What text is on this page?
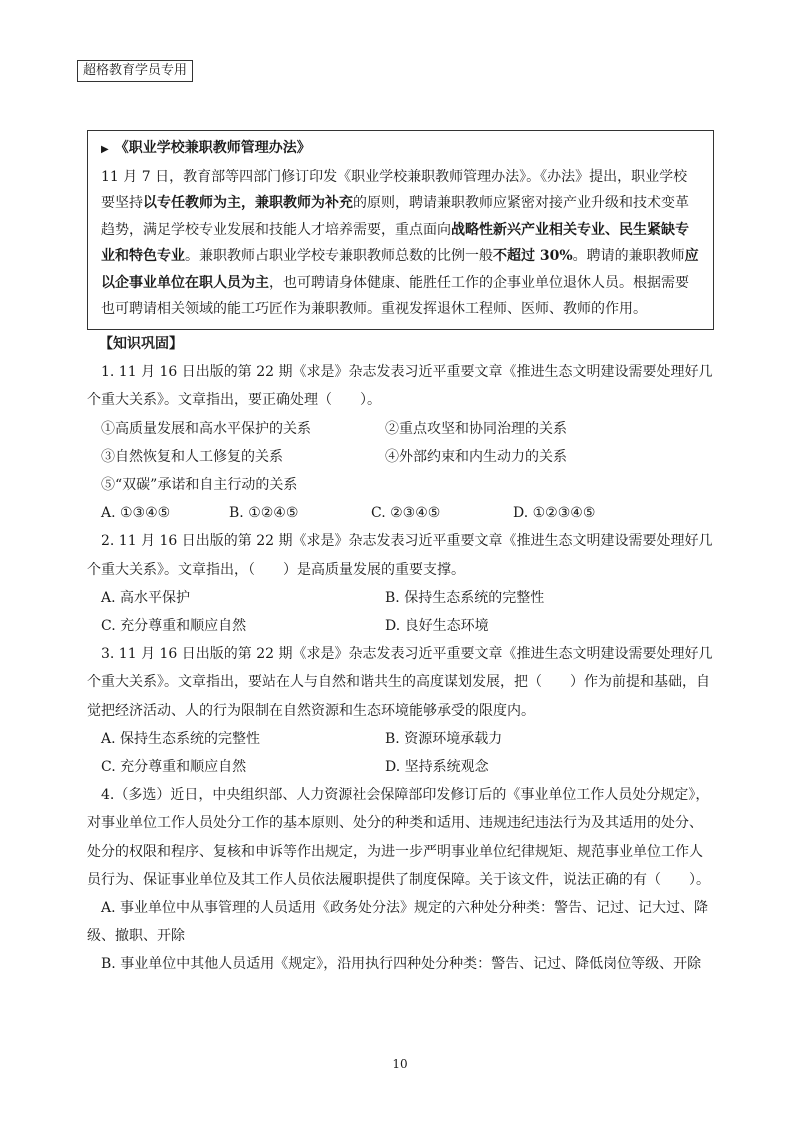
超格教育学员专用

▶ 《职业学校兼职教师管理办法》

11 月 7 日，教育部等四部门修订印发《职业学校兼职教师管理办法》。《办法》提出，职业学校要坚持以专任教师为主，兼职教师为补充的原则，聘请兼职教师应紧密对接产业升级和技术变革趋势，满足学校专业发展和技能人才培养需要，重点面向战略性新兴产业相关专业、民生紧缺专业和特色专业。兼职教师占职业学校专兼职教师总数的比例一般不超过 30%。聘请的兼职教师应以企事业单位在职人员为主，也可聘请身体健康、能胜任工作的企事业单位退休人员。根据需要也可聘请相关领域的能工巧匠作为兼职教师。重视发挥退休工程师、医师、教师的作用。

【知识巩固】

1. 11 月 16 日出版的第 22 期《求是》杂志发表习近平重要文章《推进生态文明建设需要处理好几个重大关系》。文章指出，要正确处理（　　）。

①高质量发展和高水平保护的关系	②重点攻坚和协同治理的关系
③自然恢复和人工修复的关系	④外部约束和内生动力的关系

⑤“双碳”承诺和自主行动的关系

A. ①③④⑤	B. ①②④⑤	C. ②③④⑤	D. ①②③④⑤

2. 11 月 16 日出版的第 22 期《求是》杂志发表习近平重要文章《推进生态文明建设需要处理好几个重大关系》。文章指出，（　　）是高质量发展的重要支撑。

A. 高水平保护	B. 保持生态系统的完整性
C. 充分尊重和顺应自然	D. 良好生态环境

3. 11 月 16 日出版的第 22 期《求是》杂志发表习近平重要文章《推进生态文明建设需要处理好几个重大关系》。文章指出，要站在人与自然和谐共生的高度谋划发展，把（　　）作为前提和基础，自觉把经济活动、人的行为限制在自然资源和生态环境能够承受的限度内。

A. 保持生态系统的完整性	B. 资源环境承载力
C. 充分尊重和顺应自然	D. 坚持系统观念

4.（多选）近日，中央组织部、人力资源社会保障部印发修订后的《事业单位工作人员处分规定》，对事业单位工作人员处分工作的基本原则、处分的种类和适用、违规违纪违法行为及其适用的处分、处分的权限和程序、复核和申诉等作出规定，为进一步严明事业单位纪律规矩、规范事业单位工作人员行为、保证事业单位及其工作人员依法履职提供了制度保障。关于该文件，说法正确的有（　　）。

A. 事业单位中从事管理的人员适用《政务处分法》规定的六种处分种类：警告、记过、记大过、降级、撤职、开除

B. 事业单位中其他人员适用《规定》，沿用执行四种处分种类：警告、记过、降低岗位等级、开除

10
